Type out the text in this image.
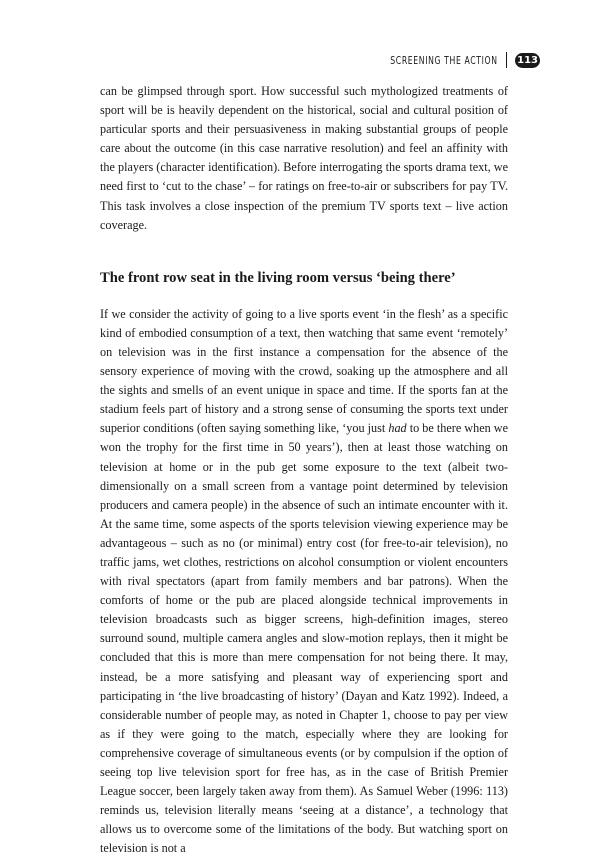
SCREENING THE ACTION 113

can be glimpsed through sport. How successful such mythologized treatments of sport will be is heavily dependent on the historical, social and cultural position of particular sports and their persuasiveness in making substantial groups of people care about the outcome (in this case narrative resolution) and feel an affinity with the players (character identification). Before interrogating the sports drama text, we need first to ‘cut to the chase’ – for ratings on free-to-air or subscribers for pay TV. This task involves a close inspection of the premium TV sports text – live action coverage.

The front row seat in the living room versus ‘being there’

If we consider the activity of going to a live sports event ‘in the flesh’ as a specific kind of embodied consumption of a text, then watching that same event ‘remotely’ on television was in the first instance a compensation for the absence of the sensory experience of moving with the crowd, soaking up the atmosphere and all the sights and smells of an event unique in space and time. If the sports fan at the stadium feels part of history and a strong sense of consuming the sports text under superior conditions (often saying something like, ‘you just had to be there when we won the trophy for the first time in 50 years’), then at least those watching on television at home or in the pub get some exposure to the text (albeit two-dimensionally on a small screen from a vantage point determined by television producers and camera people) in the absence of such an intimate encounter with it. At the same time, some aspects of the sports television viewing experience may be advantageous – such as no (or minimal) entry cost (for free-to-air television), no traffic jams, wet clothes, restrictions on alcohol consumption or violent encounters with rival spectators (apart from family members and bar patrons). When the comforts of home or the pub are placed alongside technical improvements in television broadcasts such as bigger screens, high-definition images, stereo surround sound, multiple camera angles and slow-motion replays, then it might be concluded that this is more than mere compensation for not being there. It may, instead, be a more satisfying and pleasant way of experiencing sport and participating in ‘the live broadcasting of history’ (Dayan and Katz 1992). Indeed, a considerable number of people may, as noted in Chapter 1, choose to pay per view as if they were going to the match, especially where they are looking for comprehensive coverage of simultaneous events (or by compulsion if the option of seeing top live television sport for free has, as in the case of British Premier League soccer, been largely taken away from them). As Samuel Weber (1996: 113) reminds us, television literally means ‘seeing at a distance’, a technology that allows us to overcome some of the limitations of the body. But watching sport on television is not a
